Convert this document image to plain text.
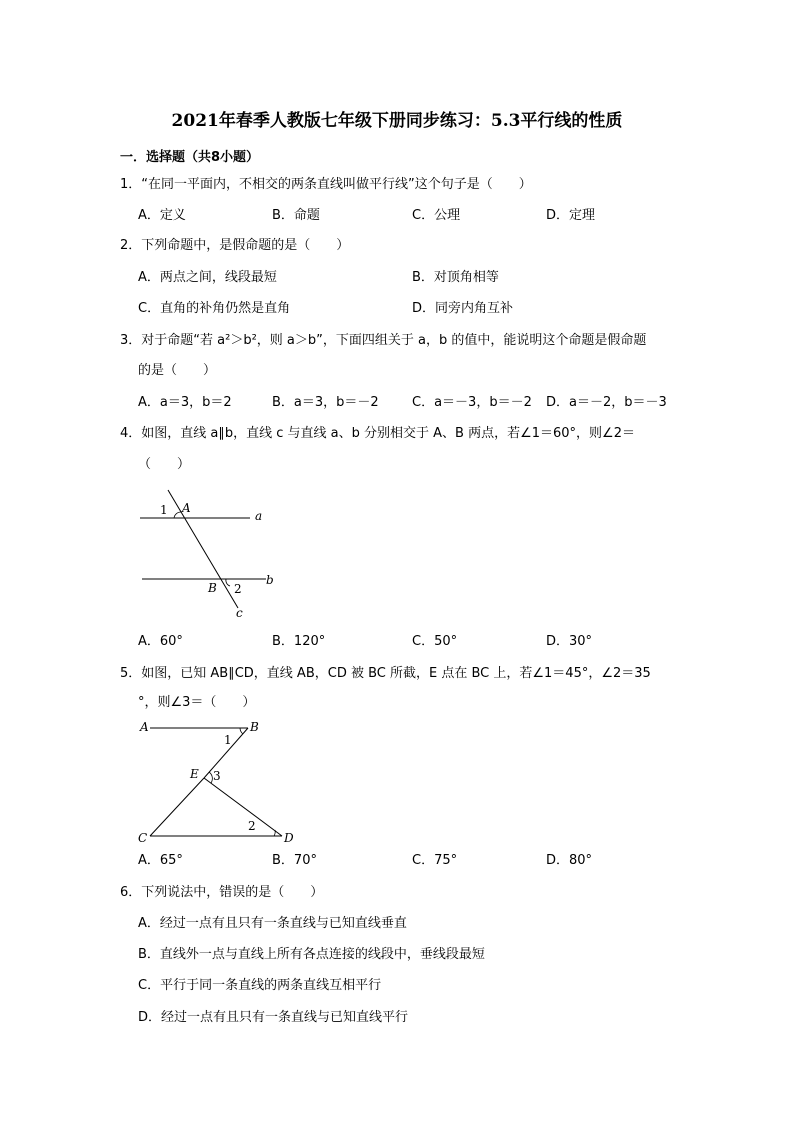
2021年春季人教版七年级下册同步练习：5.3平行线的性质
一．选择题（共8小题）
1．“在同一平面内，不相交的两条直线叫做平行线”这个句子是（　　）
A．定义	B．命题	C．公理	D．定理
2．下列命题中，是假命题的是（　　）
A．两点之间，线段最短	B．对顶角相等
C．直角的补角仍然是直角	D．同旁内角互补
3．对于命题“若 a²＞b²，则 a＞b”，下面四组关于 a，b 的值中，能说明这个命题是假命题
的是（　　）
A．a＝3，b＝2	B．a＝3，b＝－2	C．a＝－3，b＝－2 D．a＝－2，b＝－3
4．如图，直线 a∥b，直线 c 与直线 a、b 分别相交于 A、B 两点，若∠1＝60°，则∠2＝
（　　）
1 A
a
B 2
b
c
A．60°	B．120°	C．50°	D．30°
5．如图，已知 AB∥CD，直线 AB，CD 被 BC 所截，E 点在 BC 上，若∠1＝45°，∠2＝35
°，则∠3＝（　　）
A	B
1
E 3
C
2
D
A．65°	B．70°	C．75°	D．80°
6．下列说法中，错误的是（　　）
A．经过一点有且只有一条直线与已知直线垂直
B．直线外一点与直线上所有各点连接的线段中，垂线段最短
C．平行于同一条直线的两条直线互相平行
D．经过一点有且只有一条直线与已知直线平行
